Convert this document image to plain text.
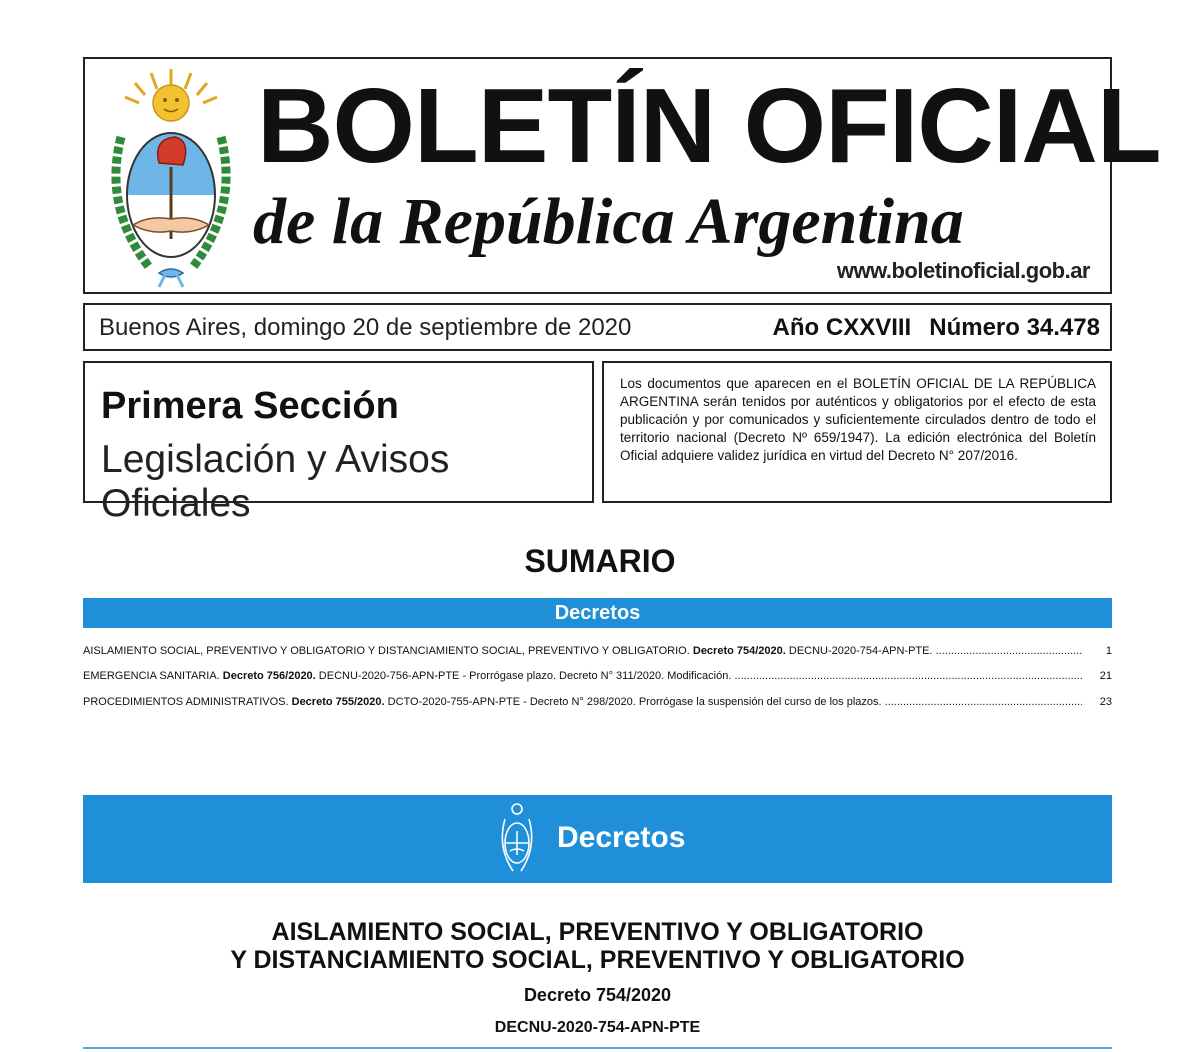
BOLETÍN OFICIAL
de la República Argentina
www.boletinoficial.gob.ar
Buenos Aires, domingo 20 de septiembre de 2020	Año CXXVIII Número 34.478
Primera Sección
Legislación y Avisos Oficiales
Los documentos que aparecen en el BOLETÍN OFICIAL DE LA REPÚBLICA ARGENTINA serán tenidos por auténticos y obligatorios por el efecto de esta publicación y por comunicados y suficientemente circulados dentro de todo el territorio nacional (Decreto Nº 659/1947). La edición electrónica del Boletín Oficial adquiere validez jurídica en virtud del Decreto N° 207/2016.
SUMARIO
Decretos
AISLAMIENTO SOCIAL, PREVENTIVO Y OBLIGATORIO Y DISTANCIAMIENTO SOCIAL, PREVENTIVO Y OBLIGATORIO. Decreto 754/2020. DECNU-2020-754-APN-PTE. .....	1
EMERGENCIA SANITARIA. Decreto 756/2020. DECNU-2020-756-APN-PTE - Prorrógase plazo. Decreto N° 311/2020. Modificación. .....	21
PROCEDIMIENTOS ADMINISTRATIVOS. Decreto 755/2020. DCTO-2020-755-APN-PTE - Decreto N° 298/2020. Prorrógase la suspensión del curso de los plazos. .....	23
Decretos
AISLAMIENTO SOCIAL, PREVENTIVO Y OBLIGATORIO
Y DISTANCIAMIENTO SOCIAL, PREVENTIVO Y OBLIGATORIO
Decreto 754/2020
DECNU-2020-754-APN-PTE
